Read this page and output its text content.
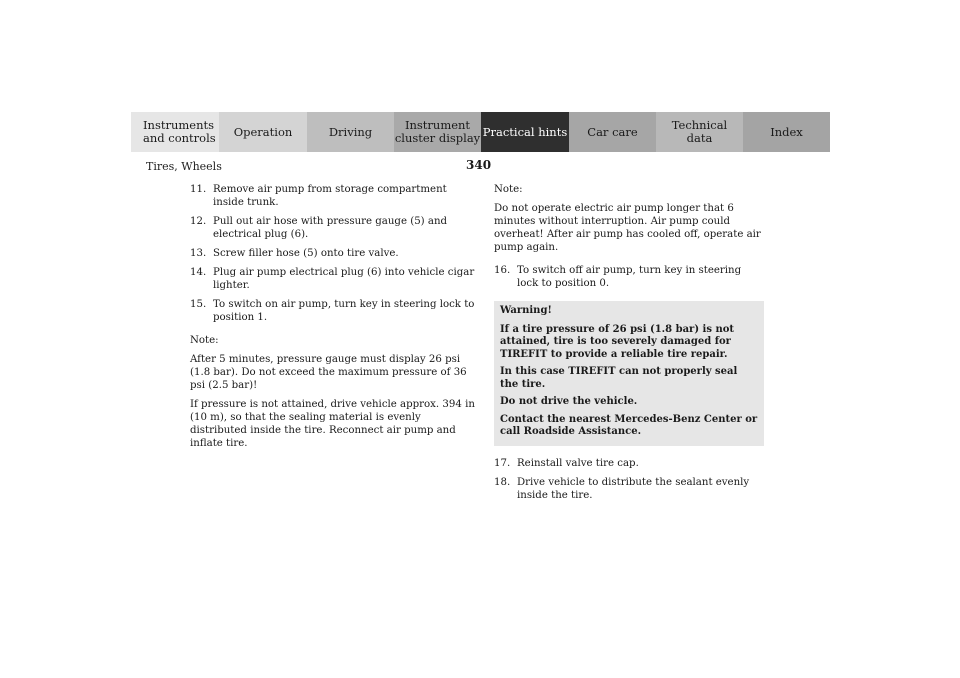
Instruments
and controls	Operation	Driving	Instrument
cluster display Practical hints	Car care	Technical
data	Index
340
Tires, Wheels
11. Remove air pump from storage compartment inside trunk.
12. Pull out air hose with pressure gauge (5) and electrical plug (6).
13. Screw filler hose (5) onto tire valve.
14. Plug air pump electrical plug (6) into vehicle cigar lighter.
15. To switch on air pump, turn key in steering lock to position 1.
Note:
After 5 minutes, pressure gauge must display 26 psi (1.8 bar). Do not exceed the maximum pressure of 36 psi (2.5 bar)!
If pressure is not attained, drive vehicle approx. 394 in (10 m), so that the sealing material is evenly distributed inside the tire. Reconnect air pump and inflate tire.
Note:
Do not operate electric air pump longer that 6 minutes without interruption. Air pump could overheat! After air pump has cooled off, operate air pump again.
16. To switch off air pump, turn key in steering lock to position 0.
Warning!
If a tire pressure of 26 psi (1.8 bar) is not attained, tire is too severely damaged for TIREFIT to provide a reliable tire repair.
In this case TIREFIT can not properly seal the tire.
Do not drive the vehicle.
Contact the nearest Mercedes-Benz Center or call Roadside Assistance.
17. Reinstall valve tire cap.
18. Drive vehicle to distribute the sealant evenly inside the tire.
